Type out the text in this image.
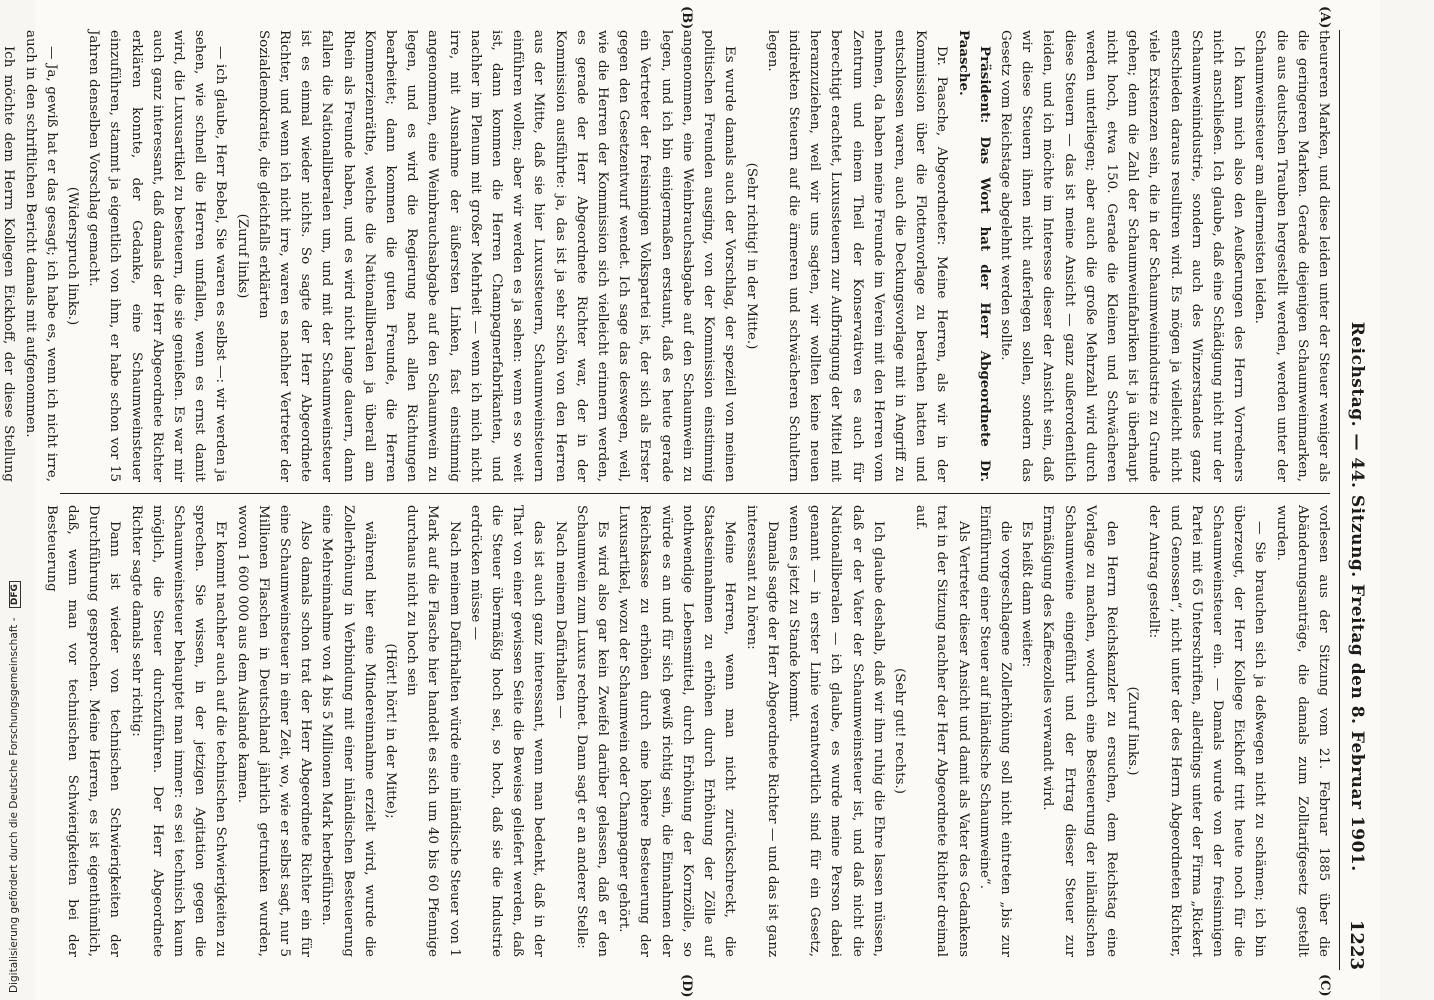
Reichstag. — 44. Sitzung. Freitag den 8. Februar 1901.
1223
(A)
(B)
(C)
(D)

theureren Marken, und diese leiden unter der Steuer weniger als die geringeren Marken. Gerade diejenigen Schaumweinmarken, die aus deutschen Trauben hergestellt werden, werden unter der Schaumweinsteuer am allermeisten leiden.

Ich kann mich also den Aeußerungen des Herrn Vorredners nicht anschließen. Ich glaube, daß eine Schädigung nicht nur der Schaumweinindustrie, sondern auch des Winzerstandes ganz entschieden daraus resultiren wird. Es mögen ja vielleicht nicht viele Existenzen sein, die in der Schaumweinindustrie zu Grunde gehen; denn die Zahl der Schaumweinfabriken ist ja überhaupt nicht hoch, etwa 150. Gerade die Kleinen und Schwächeren werden unterliegen; aber auch die große Mehrzahl wird durch diese Steuern — das ist meine Ansicht — ganz außerordentlich leiden, und ich möchte im Interesse dieser der Ansicht sein, daß wir diese Steuern ihnen nicht auferlegen sollen, sondern das Gesetz vom Reichstage abgelehnt werden sollte.

Präsident: Das Wort hat der Herr Abgeordnete Dr. Paasche.

Dr. Paasche, Abgeordneter: Meine Herren, als wir in der Kommission über die Flottenvorlage zu berathen hatten und entschlossen waren, auch die Deckungsvorlage mit in Angriff zu nehmen, da haben meine Freunde im Verein mit den Herren vom Zentrum und einem Theil der Konservativen es auch für berechtigt erachtet, Luxussteuern zur Aufbringung der Mittel mit heranzuziehen, weil wir uns sagten, wir wollten keine neuen indirekten Steuern auf die ärmeren und schwächeren Schultern legen.

(Sehr richtig! in der Mitte.)

Es wurde damals auch der Vorschlag, der speziell von meinen politischen Freunden ausging, von der Kommission einstimmig angenommen, eine Weinbrauchsabgabe auf den Schaumwein zu legen, und ich bin einigermaßen erstaunt, daß es heute gerade ein Vertreter der freisinnigen Volkspartei ist, der sich als Erster gegen den Gesetzentwurf wendet. Ich sage das deswegen, weil, wie die Herren der Kommission sich vielleicht erinnern werden, es gerade der Herr Abgeordnete Richter war, der in der Kommission ausführte: ja, das ist ja sehr schön von den Herren aus der Mitte, daß sie hier Luxussteuern, Schaumweinsteuern einführen wollen; aber wir werden es ja sehen: wenn es so weit ist, dann kommen die Herren Champagnerfabrikanten, und nachher im Plenum mit großer Mehrheit — wenn ich mich nicht irre, mit Ausnahme der äußersten Linken, fast einstimmig angenommen, eine Weinbrauchsabgabe auf den Schaumwein zu legen, und es wird die Regierung nach allen Richtungen bearbeitet; dann kommen die guten Freunde, die Herren Kommerzienräthe, welche die Nationalliberalen ja überall am Rhein als Freunde haben, und es wird nicht lange dauern, dann fallen die Nationalliberalen um, und mit der Schaumweinsteuer ist es einmal wieder nichts. So sagte der Herr Abgeordnete Richter, und wenn ich nicht irre, waren es nachher Vertreter der Sozialdemokratie, die gleichfalls erklärten

(Zuruf links)

— ich glaube, Herr Bebel, Sie waren es selbst —: wir werden ja sehen, wie schnell die Herren umfallen, wenn es ernst damit wird, die Luxusartikel zu besteuern, die sie genießen. Es war mir auch ganz interessant, daß damals der Herr Abgeordnete Richter erklären konnte, der Gedanke, eine Schaumweinsteuer einzuführen, stammt ja eigentlich von ihm, er habe schon vor 15 Jahren denselben Vorschlag gemacht.

(Widerspruch links.)

— Ja, gewiß hat er das gesagt; ich habe es, wenn ich nicht irre, auch in den schriftlichen Bericht damals mit aufgenommen.

Ich möchte dem Herrn Kollegen Eickhoff, der diese Stellung

vorlesen aus der Sitzung vom 21. Februar 1885 über die Abänderungsanträge, die damals zum Zolltarifgesetz gestellt wurden.

— Sie brauchen sich ja deßwegen nicht zu schämen; ich bin überzeugt, der Herr Kollege Eickhoff tritt heute noch für die Schaumweinsteuer ein. — Damals wurde von der freisinnigen Partei mit 65 Unterschriften, allerdings unter der Firma „Rickert und Genossen“, nicht unter der des Herrn Abgeordneten Richter, der Antrag gestellt:

(Zuruf links.)

den Herrn Reichskanzler zu ersuchen, dem Reichstag eine Vorlage zu machen, wodurch eine Besteuerung der inländischen Schaumweine eingeführt und der Ertrag dieser Steuer zur Ermäßigung des Kaffeezolles verwandt wird.

Es heißt dann weiter:

die vorgeschlagene Zollerhöhung soll nicht eintreten „bis zur Einführung einer Steuer auf inländische Schaumweine“.

Als Vertreter dieser Ansicht und damit als Vater des Gedankens trat in der Sitzung nachher der Herr Abgeordnete Richter dreimal auf.

(Sehr gut! rechts.)

Ich glaube deshalb, daß wir ihm ruhig die Ehre lassen müssen, daß er der Vater der Schaumweinsteuer ist, und daß nicht die Nationalliberalen — ich glaube, es wurde meine Person dabei genannt — in erster Linie verantwortlich sind für ein Gesetz, wenn es jetzt zu Stande kommt.

Damals sagte der Herr Abgeordnete Richter — und das ist ganz interessant zu hören:

Meine Herren, wenn man nicht zurückschreckt, die Staatseinnahmen zu erhöhen durch Erhöhung der Zölle auf nothwendige Lebensmittel, durch Erhöhung der Kornzölle, so würde es an und für sich gewiß richtig sein, die Einnahmen der Reichskasse zu erhöhen durch eine höhere Besteuerung der Luxusartikel, wozu der Schaumwein oder Champagner gehört.

Es wird also gar kein Zweifel darüber gelassen, daß er den Schaumwein zum Luxus rechnet. Dann sagt er an anderer Stelle:

Nach meinem Dafürhalten —

das ist auch ganz interessant, wenn man bedenkt, daß in der That von einer gewissen Seite die Beweise geliefert werden, daß die Steuer übermäßig hoch sei, so hoch, daß sie die Industrie erdrücken müsse —

Nach meinem Dafürhalten würde eine inländische Steuer von 1 Mark auf die Flasche hier handelt es sich um 40 bis 60 Pfennige durchaus nicht zu hoch sein

(Hört! hört! in der Mitte);

während hier eine Mindereinnahme erzielt wird, wurde die Zollerhöhung in Verbindung mit einer inländischen Besteuerung eine Mehreinnahme von 4 bis 5 Millionen Mark herbeiführen.

Also damals schon trat der Herr Abgeordnete Richter ein für eine Schaumweinsteuer in einer Zeit, wo, wie er selbst sagt, nur 5 Millionen Flaschen in Deutschland jährlich getrunken wurden, wovon 1 600 000 aus dem Auslande kamen.

Er kommt nachher auch auf die technischen Schwierigkeiten zu sprechen. Sie wissen, in der jetzigen Agitation gegen die Schaumweinsteuer behauptet man immer: es sei technisch kaum möglich, die Steuer durchzuführen. Der Herr Abgeordnete Richter sagte damals sehr richtig:

Dann ist wieder von technischen Schwierigkeiten der Durchführung gesprochen. Meine Herren, es ist eigenthümlich, daß, wenn man vor technischen Schwierigkeiten bei der Besteuerung

Digitalisierung gefördert durch die Deutsche Forschungsgemeinschaft - DFG
